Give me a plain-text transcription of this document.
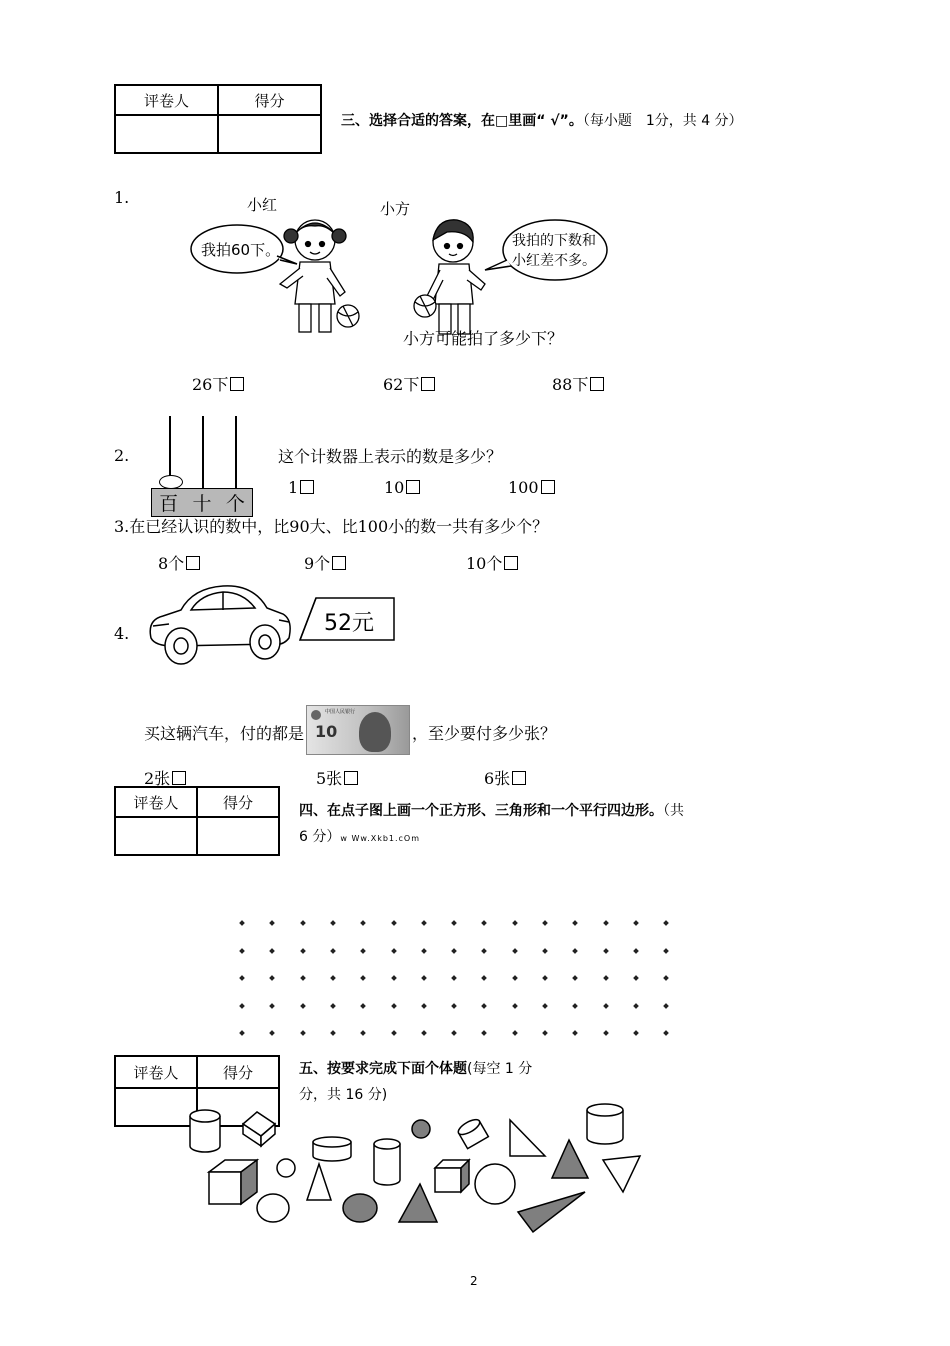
评卷人	得分

三、选择合适的答案，在□里画“ √”。（每小题　1分，共 4 分）
1.	小红	小方
我拍60下。	我拍的下数和
小红差不多。
小方可能拍了多少下？
26下	62下	88下
2.
百 十 个
这个计数器上表示的数是多少？
1	10	100
3.在已经认识的数中，比90大、比100小的数一共有多少个？
8个	9个	10个
4.	52元
买这辆汽车，付的都是
中国人民银行
10	，至少要付多少张？
2张	5张	6张
评卷人	得分
		四、在点子图上画一个正方形、三角形和一个平行四边形。（共
6 分）w Ww.Xkb1.cOm
评卷人	得分
		五、按要求完成下面个体题(每空 1 分
分，共 16 分)
2
